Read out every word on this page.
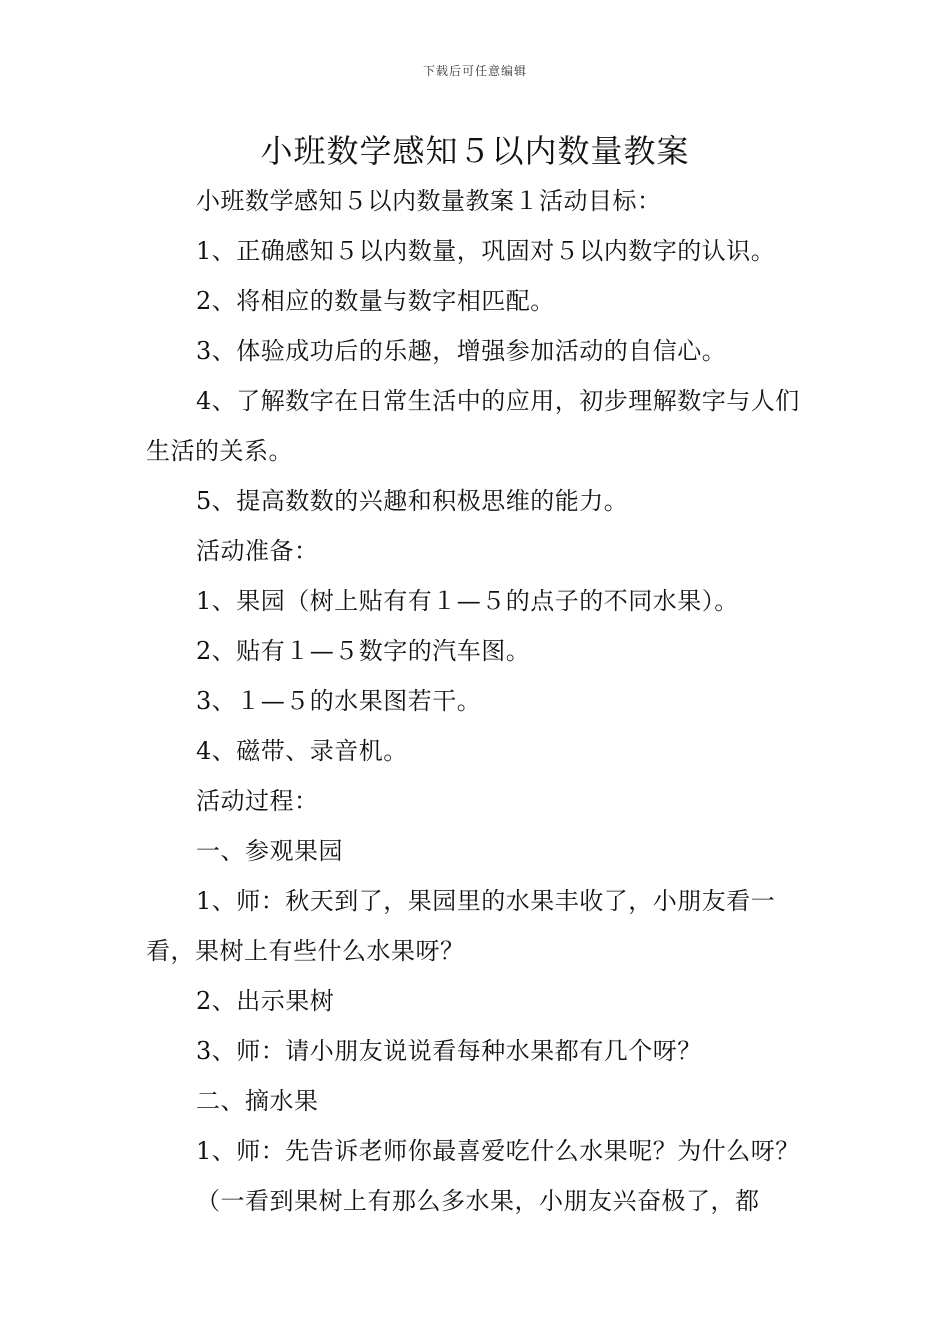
下载后可任意编辑
小班数学感知５以内数量教案

小班数学感知５以内数量教案１活动目标：

1、正确感知５以内数量，巩固对５以内数字的认识。

2、将相应的数量与数字相匹配。

3、体验成功后的乐趣，增强参加活动的自信心。

4、了解数字在日常生活中的应用，初步理解数字与人们生活的关系。

5、提高数数的兴趣和积极思维的能力。

活动准备：

1、果园（树上贴有有１—５的点子的不同水果）。

2、贴有１—５数字的汽车图。

3、１—５的水果图若干。

4、磁带、录音机。

活动过程：

一、参观果园

1、师：秋天到了，果园里的水果丰收了，小朋友看一看，果树上有些什么水果呀？

2、出示果树

3、师：请小朋友说说看每种水果都有几个呀？

二、摘水果

1、师：先告诉老师你最喜爱吃什么水果呢？为什么呀？

（一看到果树上有那么多水果，小朋友兴奋极了，都
